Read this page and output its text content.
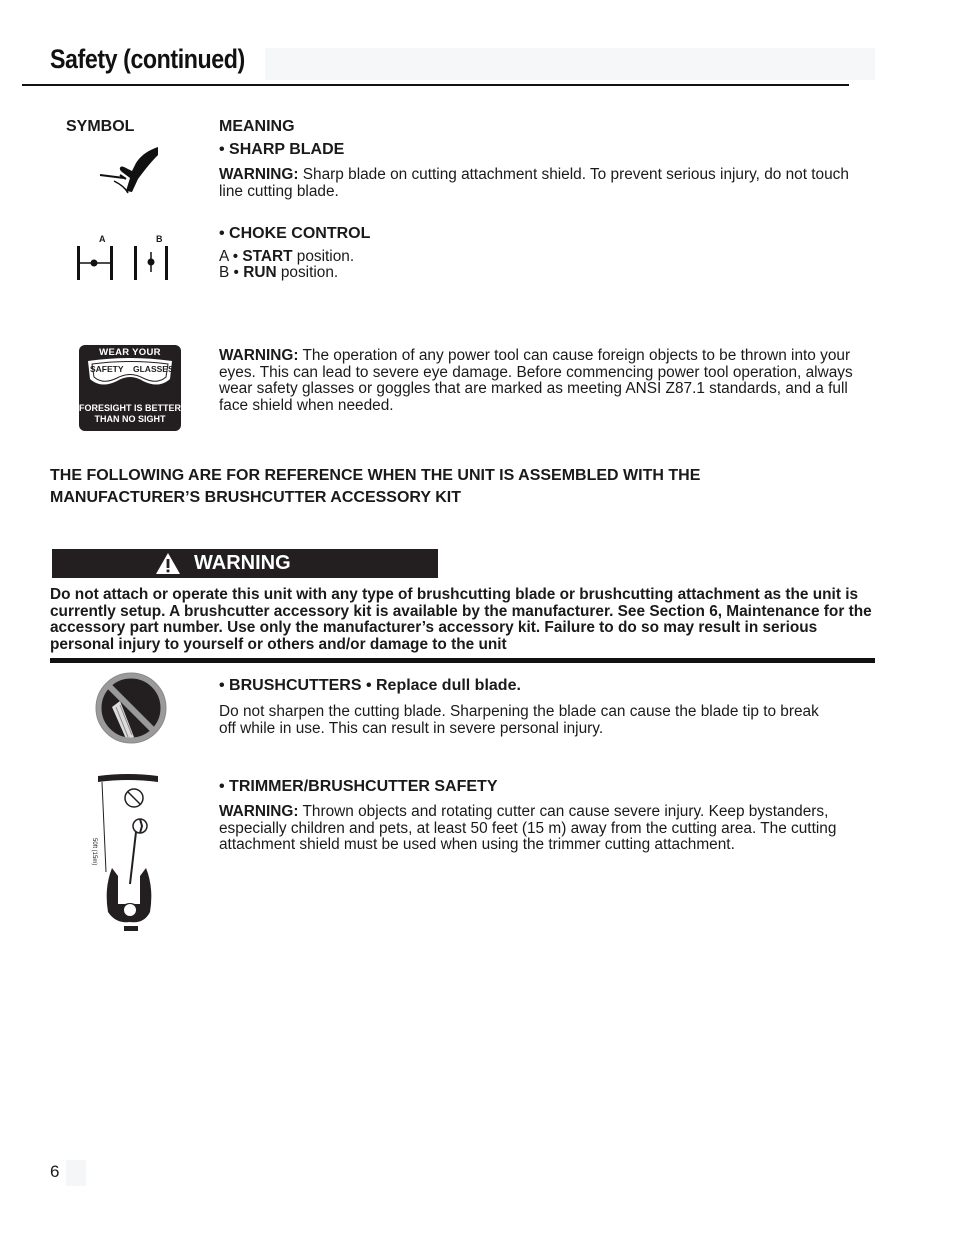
Safety (continued)
SYMBOL	MEANING
• SHARP BLADE
WARNING: Sharp blade on cutting attachment shield. To prevent serious injury, do not touch line cutting blade.
A	B	• CHOKE CONTROL
A • START position.
B • RUN position.
WEAR YOUR
SAFETY GLASSES
FORESIGHT IS BETTER
THAN NO SIGHT
WARNING: The operation of any power tool can cause foreign objects to be thrown into your eyes. This can lead to severe eye damage. Before commencing power tool operation, always wear safety glasses or goggles that are marked as meeting ANSI Z87.1 standards, and a full face shield when needed.
THE FOLLOWING ARE FOR REFERENCE WHEN THE UNIT IS ASSEMBLED WITH THE
MANUFACTURER’S BRUSHCUTTER ACCESSORY KIT
WARNING
Do not attach or operate this unit with any type of brushcutting blade or brushcutting attachment as the unit is currently setup. A brushcutter accessory kit is available by the manufacturer. See Section 6, Maintenance for the accessory part number. Use only the manufacturer’s accessory kit. Failure to do so may result in serious personal injury to yourself or others and/or damage to the unit
• BRUSHCUTTERS • Replace dull blade.
Do not sharpen the cutting blade. Sharpening the blade can cause the blade tip to break off while in use. This can result in severe personal injury.
50ft (15m)
• TRIMMER/BRUSHCUTTER SAFETY
WARNING: Thrown objects and rotating cutter can cause severe injury. Keep bystanders, especially children and pets, at least 50 feet (15 m) away from the cutting area. The cutting attachment shield must be used when using the trimmer cutting attachment.
6
